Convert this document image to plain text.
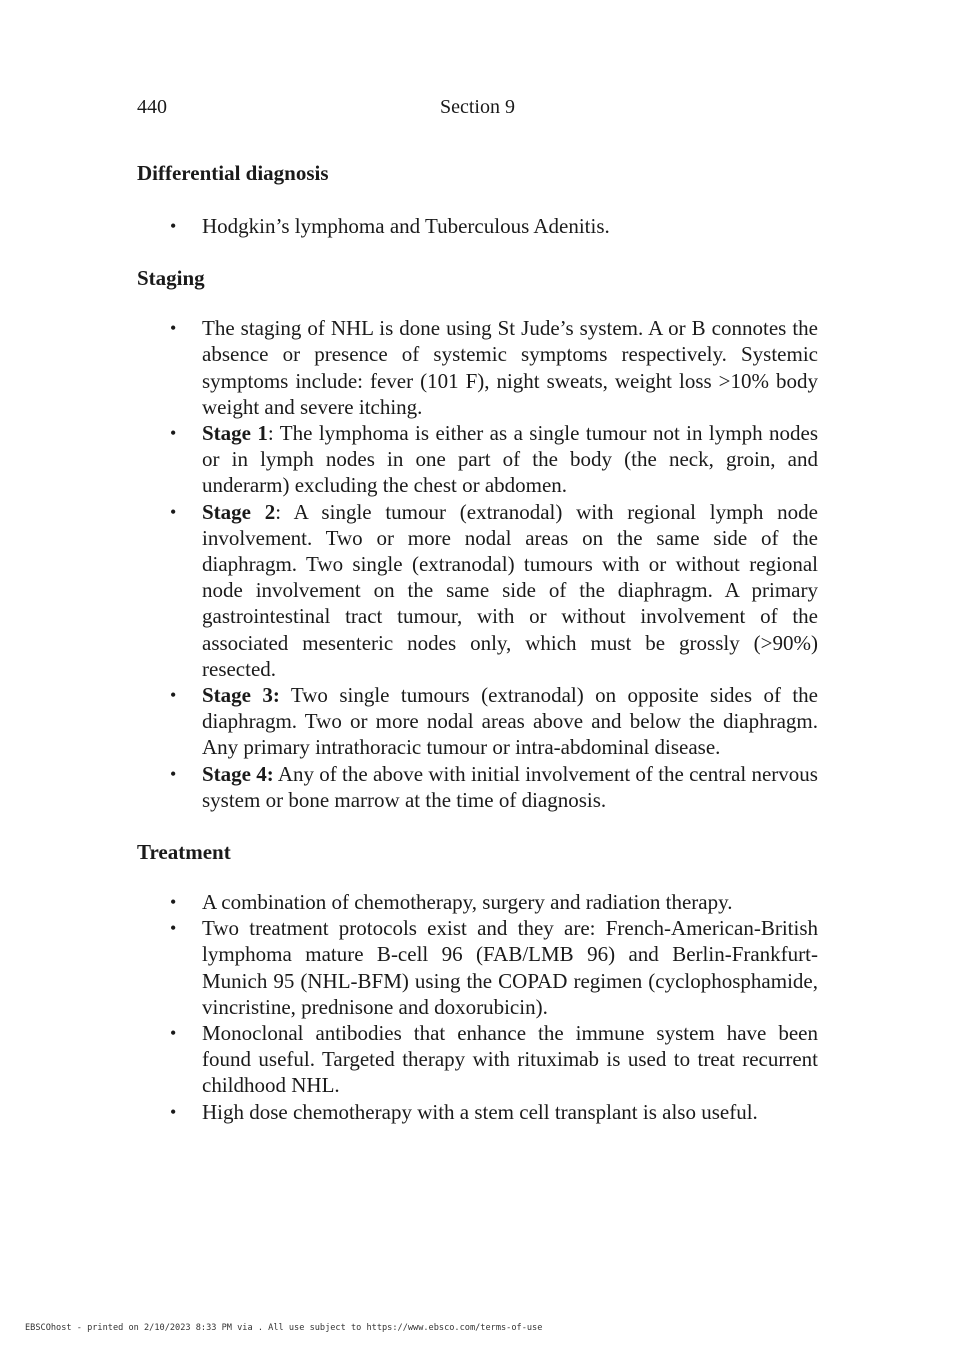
440	Section 9
Differential diagnosis
• Hodgkin’s lymphoma and Tuberculous Adenitis.
Staging
• The staging of NHL is done using St Jude’s system. A or B connotes the absence or presence of systemic symptoms respectively. Systemic symptoms include: fever (101 F), night sweats, weight loss >10% body weight and severe itching.
• Stage 1: The lymphoma is either as a single tumour not in lymph nodes or in lymph nodes in one part of the body (the neck, groin, and underarm) excluding the chest or abdomen.
• Stage 2: A single tumour (extranodal) with regional lymph node involvement. Two or more nodal areas on the same side of the diaphragm. Two single (extranodal) tumours with or without regional node involvement on the same side of the diaphragm. A primary gastrointestinal tract tumour, with or without involvement of the associated mesenteric nodes only, which must be grossly (>90%) resected.
• Stage 3: Two single tumours (extranodal) on opposite sides of the diaphragm. Two or more nodal areas above and below the diaphragm. Any primary intrathoracic tumour or intra-abdominal disease.
• Stage 4: Any of the above with initial involvement of the central nervous system or bone marrow at the time of diagnosis.
Treatment
• A combination of chemotherapy, surgery and radiation therapy.
• Two treatment protocols exist and they are: French-American-British lymphoma mature B-cell 96 (FAB/LMB 96) and Berlin-Frankfurt-Munich 95 (NHL-BFM) using the COPAD regimen (cyclophosphamide, vincristine, prednisone and doxorubicin).
• Monoclonal antibodies that enhance the immune system have been found useful. Targeted therapy with rituximab is used to treat recurrent childhood NHL.
• High dose chemotherapy with a stem cell transplant is also useful.
EBSCOhost - printed on 2/10/2023 8:33 PM via . All use subject to https://www.ebsco.com/terms-of-use
